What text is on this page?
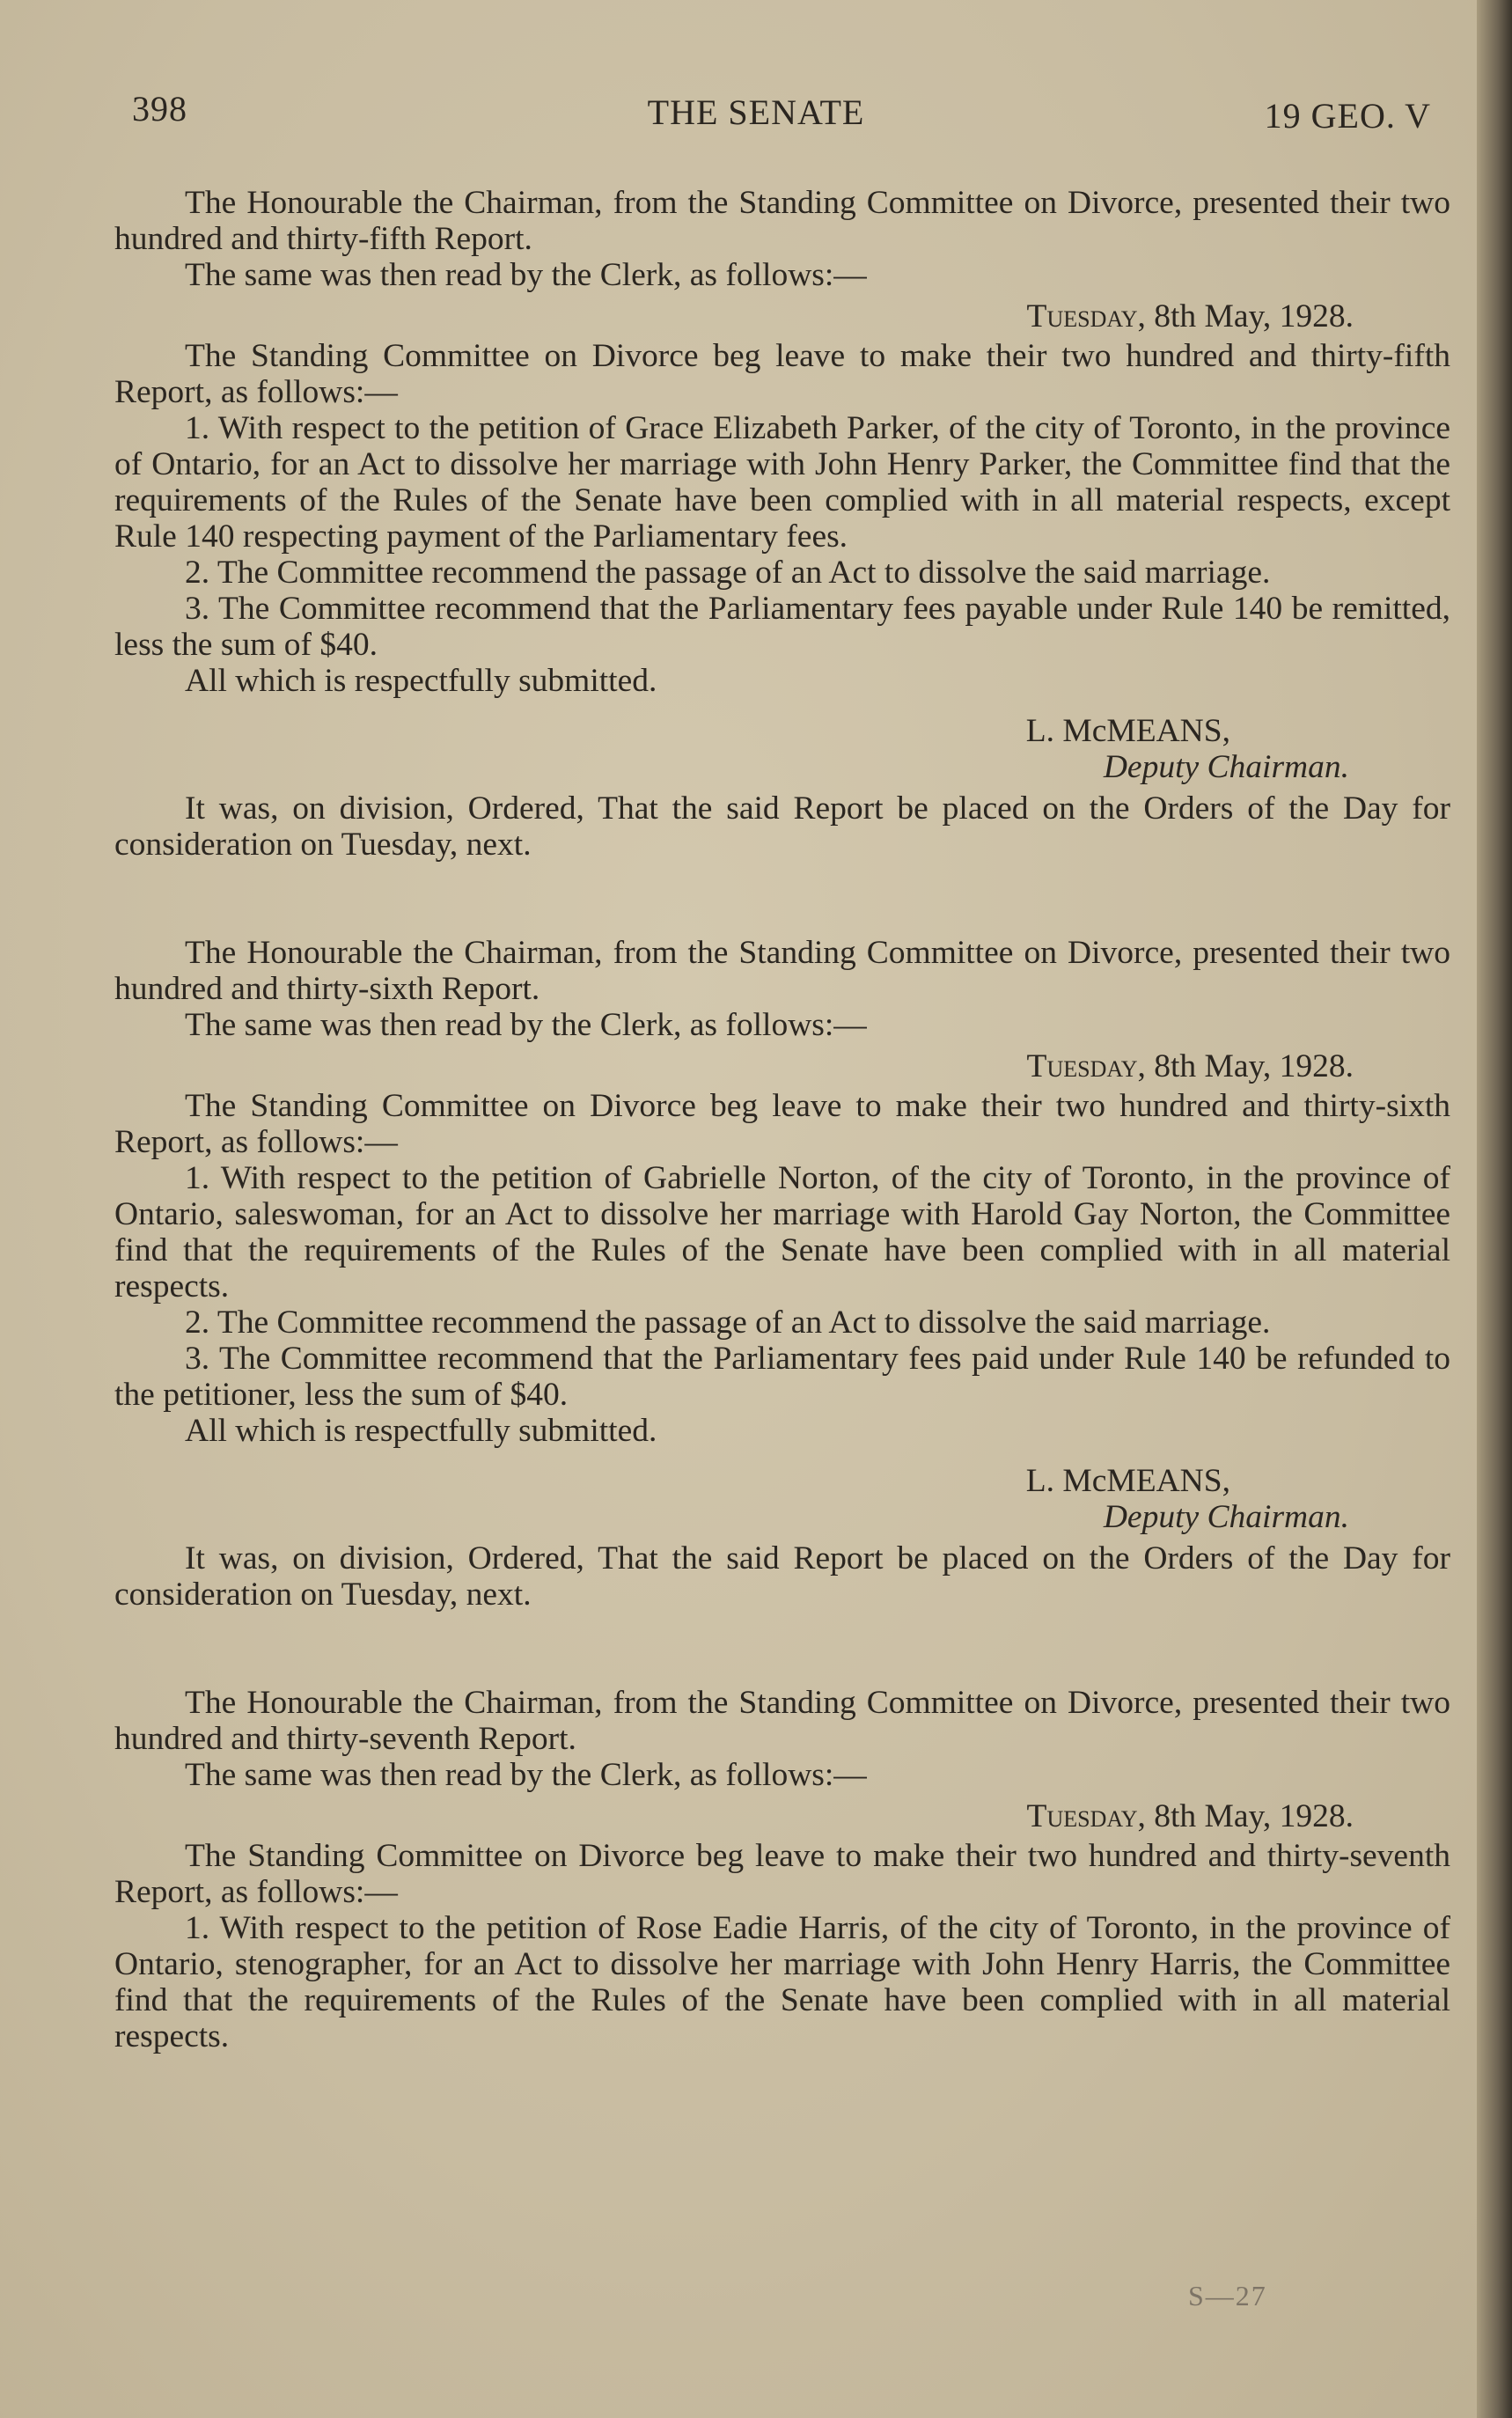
398	THE SENATE	19 GEO. V

The Honourable the Chairman, from the Standing Committee on Divorce, presented their two hundred and thirty-fifth Report.

The same was then read by the Clerk, as follows:—

Tuesday, 8th May, 1928.

The Standing Committee on Divorce beg leave to make their two hundred and thirty-fifth Report, as follows:—

1. With respect to the petition of Grace Elizabeth Parker, of the city of Toronto, in the province of Ontario, for an Act to dissolve her marriage with John Henry Parker, the Committee find that the requirements of the Rules of the Senate have been complied with in all material respects, except Rule 140 respecting payment of the Parliamentary fees.

2. The Committee recommend the passage of an Act to dissolve the said marriage.

3. The Committee recommend that the Parliamentary fees payable under Rule 140 be remitted, less the sum of $40.

All which is respectfully submitted.

L. McMEANS,

Deputy Chairman.

It was, on division, Ordered, That the said Report be placed on the Orders of the Day for consideration on Tuesday, next.

The Honourable the Chairman, from the Standing Committee on Divorce, presented their two hundred and thirty-sixth Report.

The same was then read by the Clerk, as follows:—

Tuesday, 8th May, 1928.

The Standing Committee on Divorce beg leave to make their two hundred and thirty-sixth Report, as follows:—

1. With respect to the petition of Gabrielle Norton, of the city of Toronto, in the province of Ontario, saleswoman, for an Act to dissolve her marriage with Harold Gay Norton, the Committee find that the requirements of the Rules of the Senate have been complied with in all material respects.

2. The Committee recommend the passage of an Act to dissolve the said marriage.

3. The Committee recommend that the Parliamentary fees paid under Rule 140 be refunded to the petitioner, less the sum of $40.

All which is respectfully submitted.

L. McMEANS,

Deputy Chairman.

It was, on division, Ordered, That the said Report be placed on the Orders of the Day for consideration on Tuesday, next.

The Honourable the Chairman, from the Standing Committee on Divorce, presented their two hundred and thirty-seventh Report.

The same was then read by the Clerk, as follows:—

Tuesday, 8th May, 1928.

The Standing Committee on Divorce beg leave to make their two hundred and thirty-seventh Report, as follows:—

1. With respect to the petition of Rose Eadie Harris, of the city of Toronto, in the province of Ontario, stenographer, for an Act to dissolve her marriage with John Henry Harris, the Committee find that the requirements of the Rules of the Senate have been complied with in all material respects.

S—27
